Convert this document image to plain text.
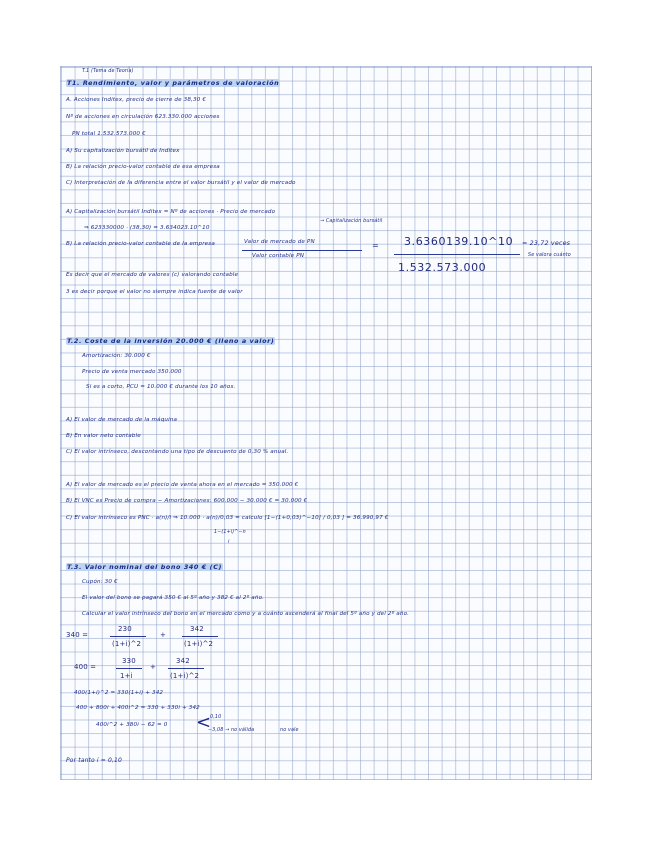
T.1 (Tema de Teoría)
T1. Rendimiento, valor y parámetros de valoración
A. Acciones Inditex, precio de cierre de 38,30 €
Nº de acciones en circulación 623.330.000 acciones
PN total 1.532.573.000 €
A) Su capitalización bursátil de Inditex
B) La relación precio-valor contable de esa empresa
C) Interpretación de la diferencia entre el valor bursátil y el valor de mercado
A) Capitalización bursátil Inditex = Nº de acciones · Precio de mercado
→ Capitalización bursátil
⇒ 623330000 · (38,30) = 3.634023.10^10
B) La relación precio-valor contable de la empresa	Valor de mercado de PN
Valor contable PN
= 3.6360139.10^10
1.532.573.000
= 23,72 veces
Se valora cuánto
Es decir que el mercado de valores (c) valorando contable
3 es decir porque el valor no siempre indica fuente de valor
T.2. Coste de la inversión 20.000 € (lleno a valor)
Amortización: 30.000 €
Precio de venta mercado 350.000
Si es a corto, PCU = 10.000 € durante los 10 años.
A) El valor de mercado de la máquina
B) En valor neto contable
C) El valor intrínseco, descontando una tipo de descuento de 0,30 % anual.
A) El valor de mercado es el precio de venta ahora en el mercado = 350.000 €
B) El VNC es Precio de compra − Amortizaciones: 600.000 − 30.000 € = 30.000 €
C) El valor intrínseco es PNC · a(n)/i ⇒ 10.000 · a(n)/0,03 = calculo [1−(1+0,03)^−10] / 0,03 ] = 36.990,97 €
1−(1+i)^−n
i
T.3. Valor nominal del bono 340 € (C)
Cupón: 30 €
El valor del bono se pagará 350 € al 5º año y 382 € al 2º año.
Calcular el valor intrínseco del bono en el mercado como y a cuánto ascenderá al final del 5º año y del 2º año.
340 =
230
(1+i)^2
+
342
(1+i)^2
400 =
330
1+i
+
342
(1+i)^2
400(1+i)^2 = 330(1+i) + 342
400 + 800i + 400i^2 = 330 + 330i + 342
400i^2 + 380i − 62 = 0 <
0,10
−3,08 → no válida	no vale
Por tanto i = 0,10
